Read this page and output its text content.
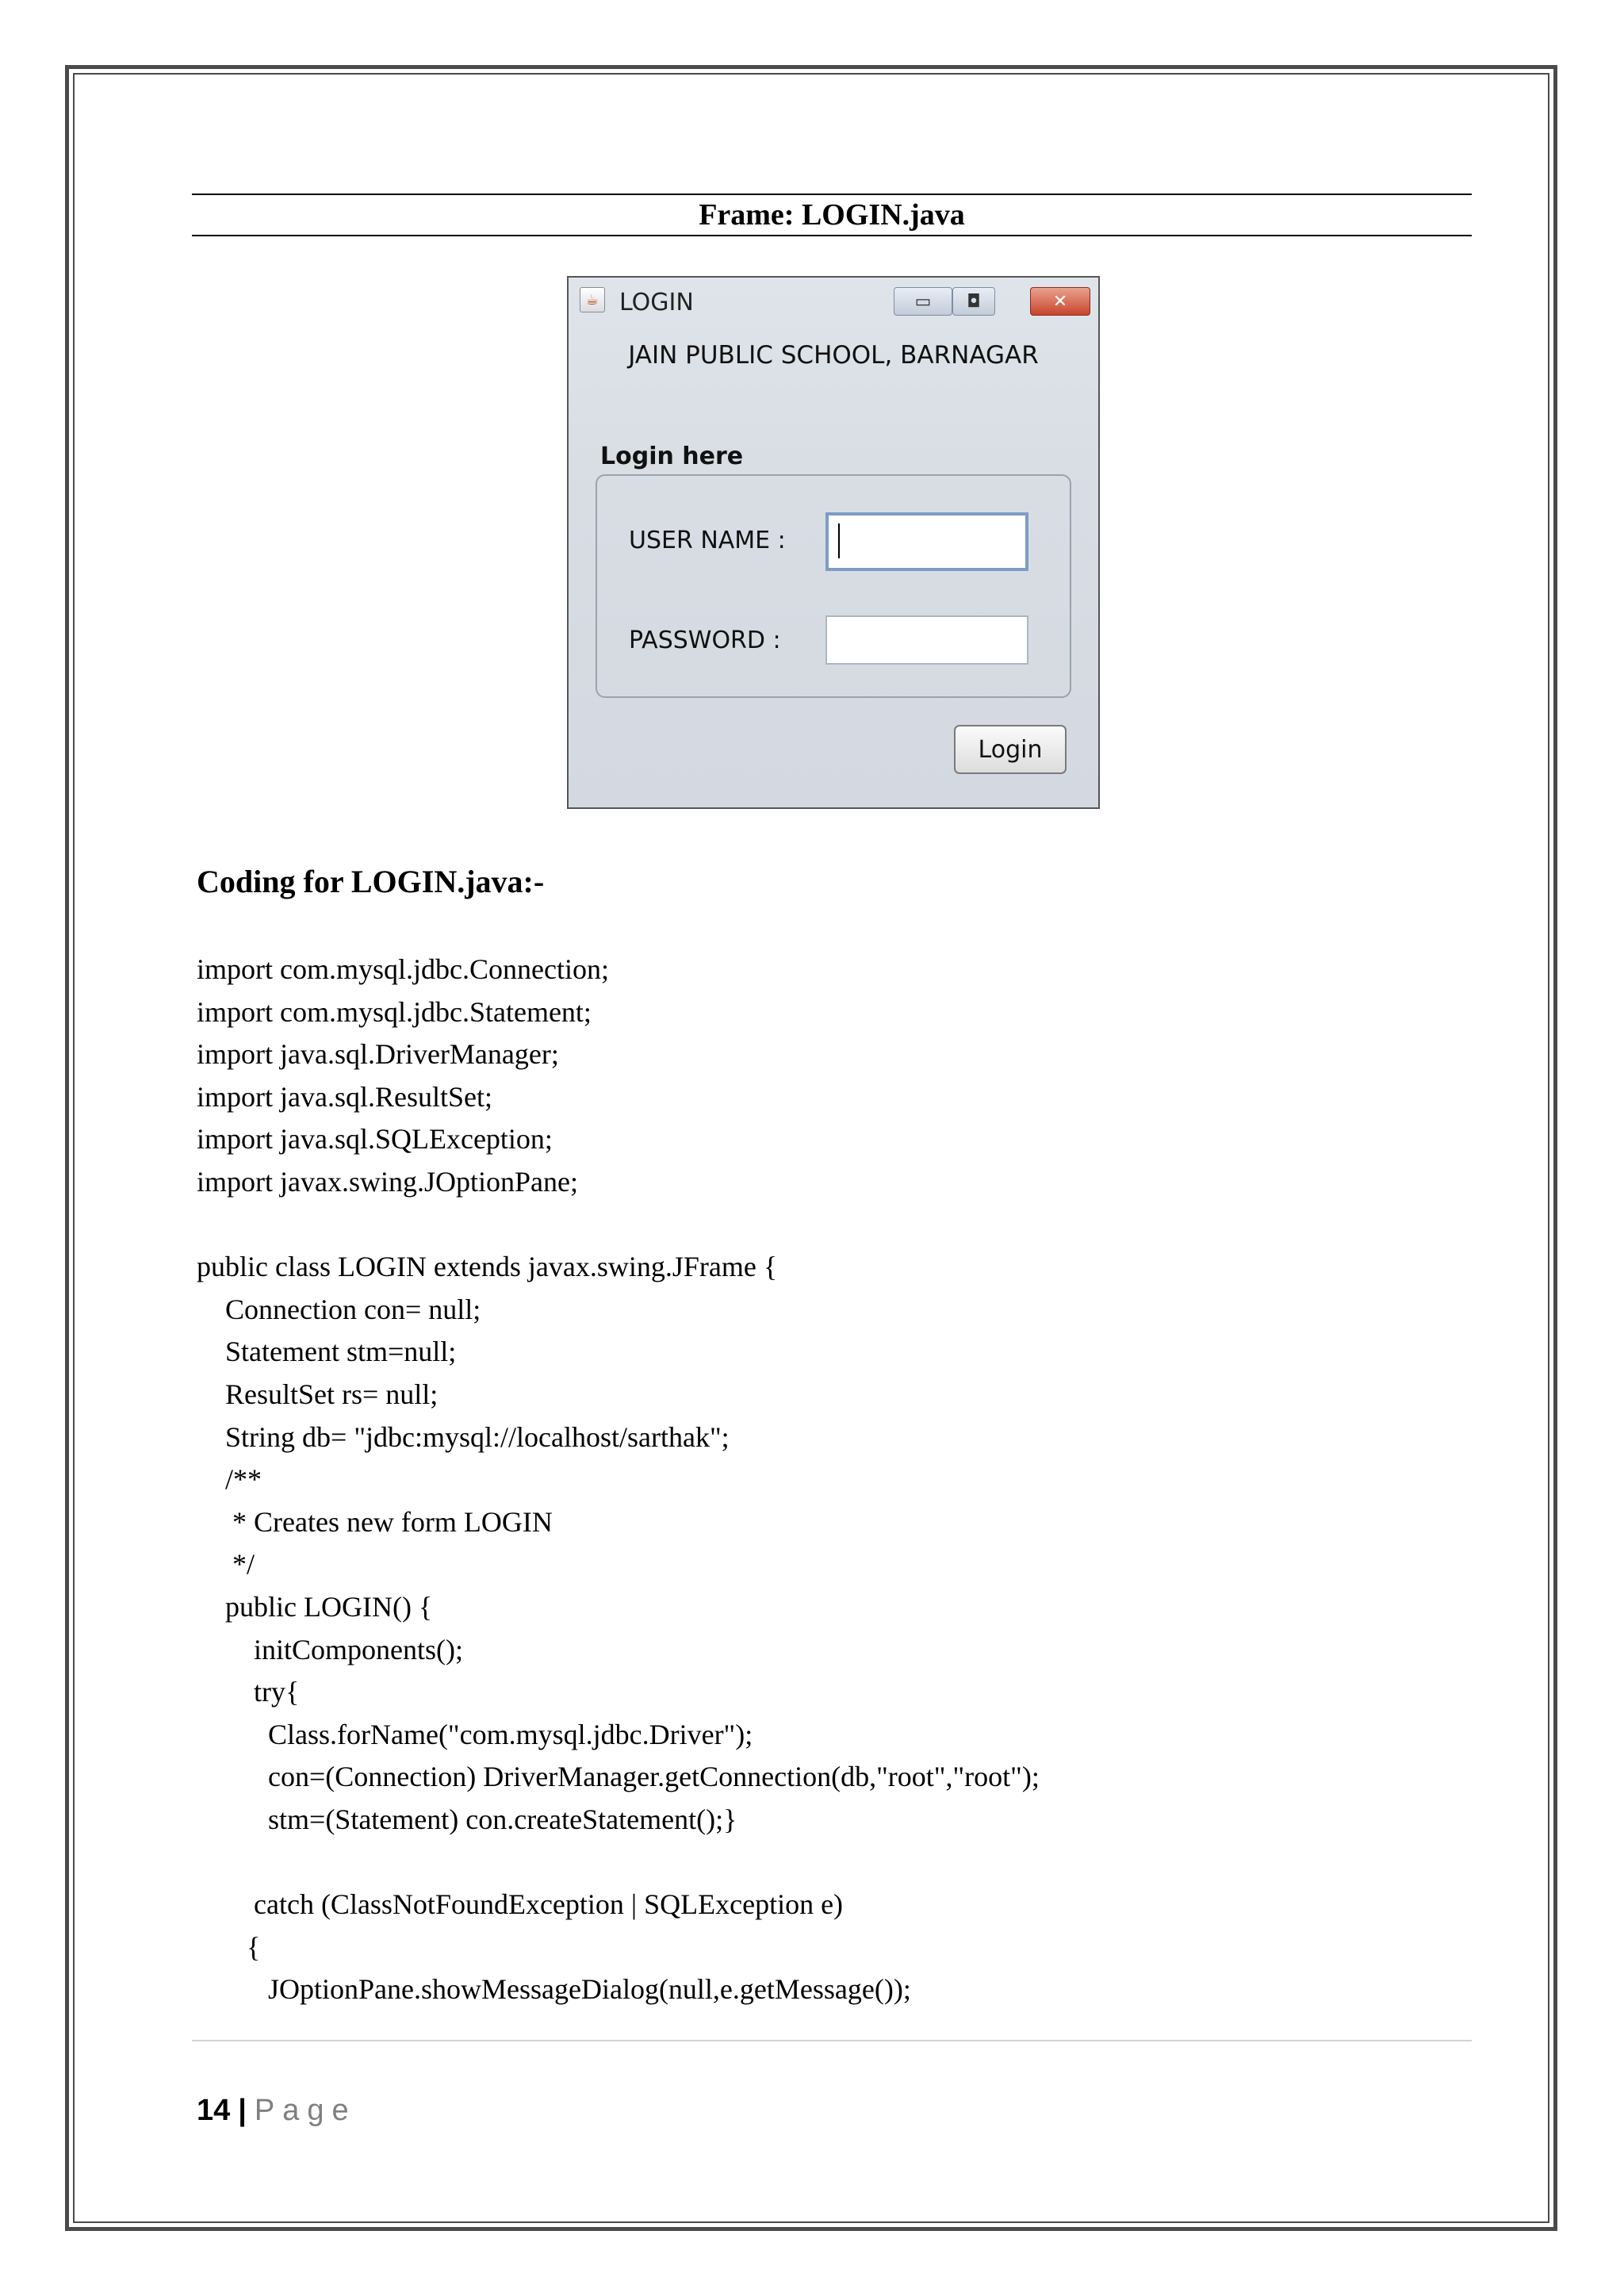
Frame: LOGIN.java
☕ LOGIN	▭ ◘	✕
JAIN PUBLIC SCHOOL, BARNAGAR
Login here
USER NAME :
PASSWORD :
Login
Coding for LOGIN.java:-
import com.mysql.jdbc.Connection;
import com.mysql.jdbc.Statement;
import java.sql.DriverManager;
import java.sql.ResultSet;
import java.sql.SQLException;
import javax.swing.JOptionPane;
public class LOGIN extends javax.swing.JFrame {
Connection con= null;
Statement stm=null;
ResultSet rs= null;
String db= "jdbc:mysql://localhost/sarthak";
/**
* Creates new form LOGIN
*/
public LOGIN() {
initComponents();
try{
Class.forName("com.mysql.jdbc.Driver");
con=(Connection) DriverManager.getConnection(db,"root","root");
stm=(Statement) con.createStatement();}
catch (ClassNotFoundException | SQLException e)
{
JOptionPane.showMessageDialog(null,e.getMessage());
14 | Page
